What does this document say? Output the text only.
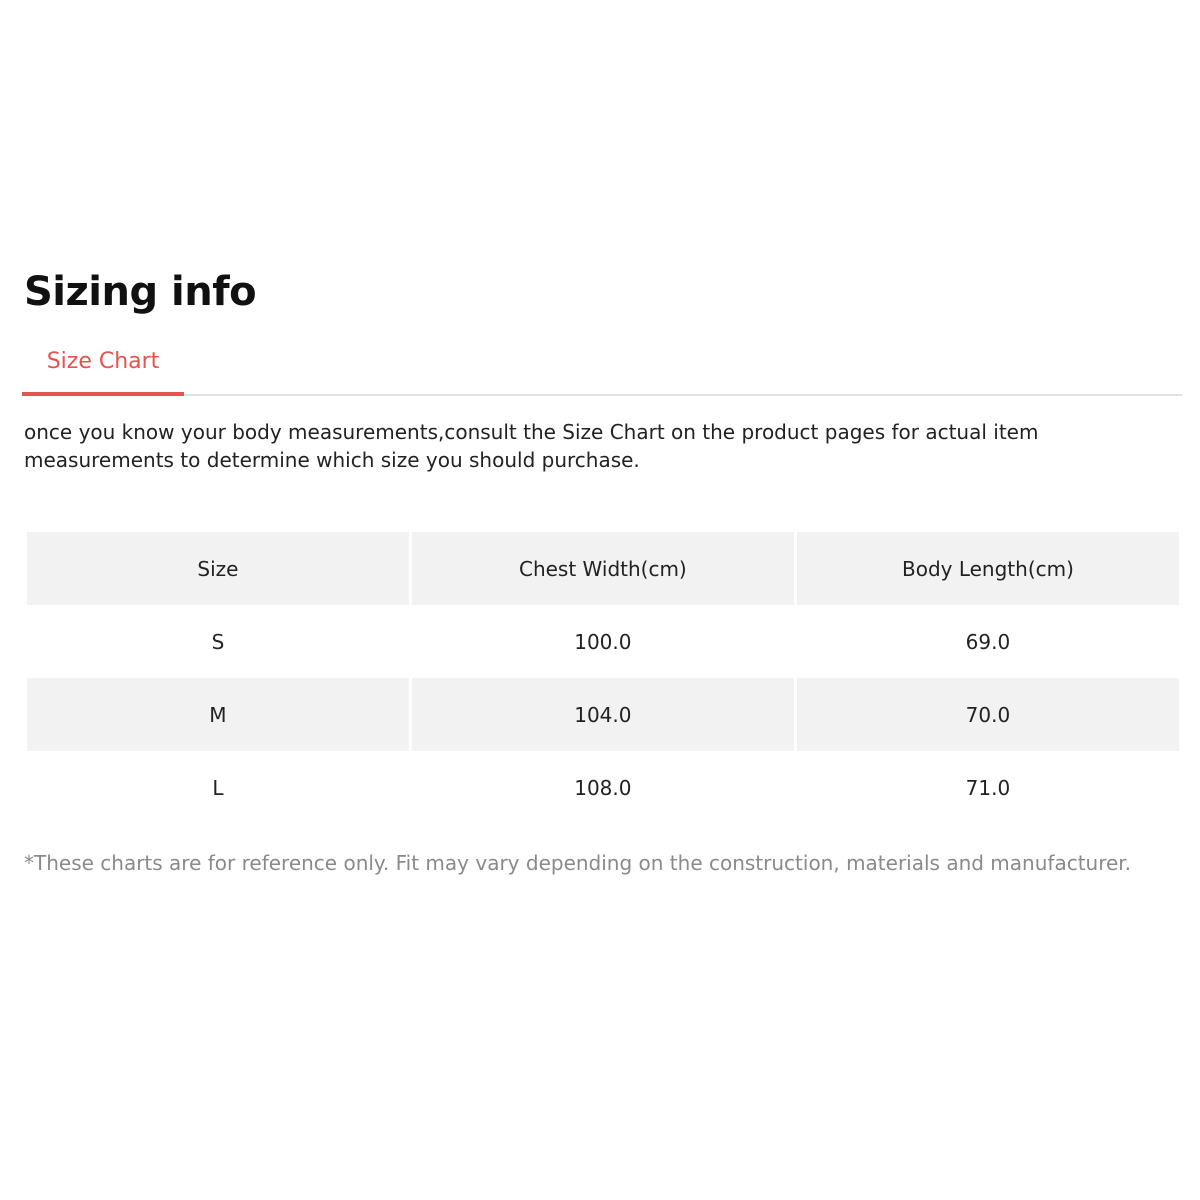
Sizing info
Size Chart

once you know your body measurements,consult the Size Chart on the product pages for actual item measurements to determine which size you should purchase.

Size	Chest Width(cm)	Body Length(cm)
S	100.0	69.0
M	104.0	70.0
L	108.0	71.0

*These charts are for reference only. Fit may vary depending on the construction, materials and manufacturer.
